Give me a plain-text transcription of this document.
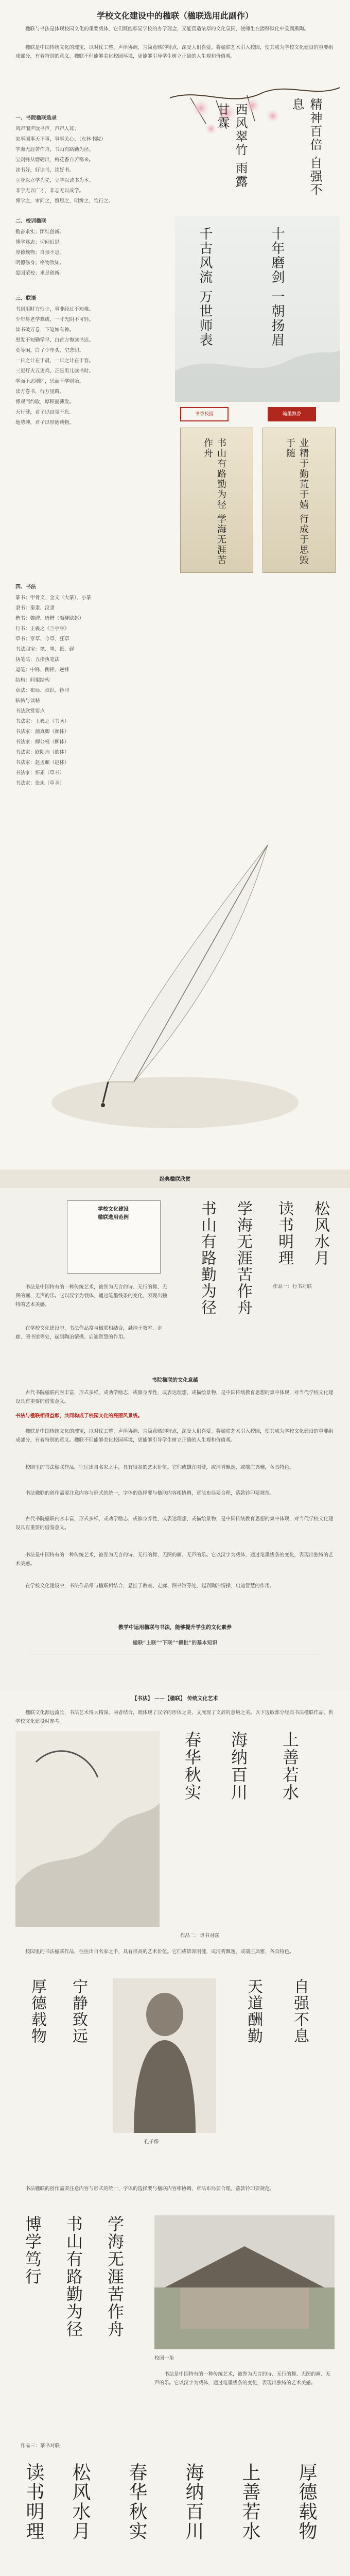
学校文化建设中的楹联（楹联选用此副作）
楹联与书法是体现校园文化的重要载体，它们既能彰显学校的办学理念，又能营造浓厚的文化氛围，使师生在潜移默化中受到熏陶。
楹联是中国传统文化的瑰宝，以对仗工整、声律协调、言简意赅的特点，深受人们喜爱。将楹联艺术引入校园，使其成为学校文化建设的重要组成部分，有着特别的意义。楹联不但能够美化校园环境，更能够引导学生树立正确的人生观和价值观。
西风翠竹 雨露甘霖	精神百倍 自强不息
一、书院楹联选录
风声雨声读书声，声声入耳；
家事国事天下事，事事关心。（东林书院）
学海无涯苦作舟，书山有路勤为径。
宝剑锋从磨砺出，梅花香自苦寒来。
读书好，好读书，读好书。
立身以立学为先，立学以读书为本。
非学无以广才，非志无以成学。
博学之，审问之，慎思之，明辨之，笃行之。
二、校训楹联
勤奋求实；团结创新。
博学笃志；切问近思。
厚德载物；自强不息。
明德修身；格物致知。
爱国荣校；求是创新。	千古风流 万世师表	十年磨剑 一朝扬眉
三、联语
书到用时方恨少，事非经过不知难。
少年易老学难成，一寸光阴不可轻。
读书破万卷，下笔如有神。
黑发不知勤学早，白首方悔读书迟。
莫等闲，白了少年头，空悲切。
一日之计在于晨，一年之计在于春。
三更灯火五更鸡，正是男儿读书时。
学而不思则罔，思而不学则殆。
读万卷书，行万里路。
博观而约取，厚积而薄发。
天行健，君子以自强不息。
地势坤，君子以厚德载物。
书香校园	翰墨飘香
书山有路勤为径 学海无涯苦作舟	业精于勤荒于嬉 行成于思毁于随
四、书法
篆书：甲骨文、金文（大篆）、小篆
隶书：秦隶、汉隶
楷书：魏碑、唐楷（颜柳欧赵）
行书：王羲之《兰亭序》
草书：章草、今草、狂草
书法四宝：笔、墨、纸、砚
执笔法：五指执笔法
运笔：中锋、侧锋、逆锋
结构：间架结构
章法：布局、款识、钤印
临帖与读帖
书法欣赏要点
书法家：王羲之（书圣）
书法家：颜真卿（颜体）
书法家：柳公权（柳体）
书法家：欧阳询（欧体）
书法家：赵孟頫（赵体）
书法家：怀素（草书）
书法家：张旭（草圣）
经典楹联欣赏
学校文化建设
楹联选用范例
书法是中国特有的一种传统艺术，被誉为无言的诗、无行的舞、无图的画、无声的乐。它以汉字为载体，通过笔墨线条的变化，表现出独特的艺术美感。
在学校文化建设中，书法作品常与楹联相结合，悬挂于教室、走廊、图书馆等处，起到陶冶情操、启迪智慧的作用。
书山有路勤为径 学海无涯苦作舟 读书明理 松风水月
作品一：行书对联
书院楹联的文化意蕴
古代书院楹联内容丰富，形式多样，或劝学励志，或修身养性，或表达理想，或描绘景物，是中国传统教育思想的集中体现，对当代学校文化建设具有重要的借鉴意义。
书法与楹联相得益彰，共同构成了校园文化的亮丽风景线。
楹联是中国传统文化的瑰宝，以对仗工整、声律协调、言简意赅的特点，深受人们喜爱。将楹联艺术引入校园，使其成为学校文化建设的重要组成部分，有着特别的意义。楹联不但能够美化校园环境，更能够引导学生树立正确的人生观和价值观。
校园里的书法楹联作品，往往出自名家之手，具有很高的艺术价值。它们或雄浑刚健，或清秀飘逸，或端庄典雅，各具特色。
书法楹联的创作需要注意内容与形式的统一，字体的选择要与楹联内容相协调，章法布局要合理，落款钤印要规范。
古代书院楹联内容丰富，形式多样，或劝学励志，或修身养性，或表达理想，或描绘景物，是中国传统教育思想的集中体现，对当代学校文化建设具有重要的借鉴意义。
书法是中国特有的一种传统艺术，被誉为无言的诗、无行的舞、无图的画、无声的乐。它以汉字为载体，通过笔墨线条的变化，表现出独特的艺术美感。
在学校文化建设中，书法作品常与楹联相结合，悬挂于教室、走廊、图书馆等处，起到陶冶情操、启迪智慧的作用。
教学中运用楹联与书法，能够提升学生的文化素养
楹联“上联”“下联”“横批”的基本知识
【书法】 ——【楹联】 传统文化艺术
楹联文化源远流长，书法艺术博大精深。两者结合，既体现了汉字的形体之美，又展现了文辞的意境之美。以下选取部分经典书法楹联作品，供学校文化建设时参考。
春华秋实 海纳百川 上善若水
作品二：隶书对联
校园里的书法楹联作品，往往出自名家之手，具有很高的艺术价值。它们或雄浑刚健，或清秀飘逸，或端庄典雅，各具特色。
厚德载物 宁静致远
孔子像
天道酬勤 自强不息
书法楹联的创作需要注意内容与形式的统一，字体的选择要与楹联内容相协调，章法布局要合理，落款钤印要规范。
博学笃行 书山有路勤为径 学海无涯苦作舟
作品三：篆书对联
校园一角
书法是中国特有的一种传统艺术，被誉为无言的诗、无行的舞、无图的画、无声的乐。它以汉字为载体，通过笔墨线条的变化，表现出独特的艺术美感。
读书明理 松风水月 春华秋实 海纳百川 上善若水 厚德载物
